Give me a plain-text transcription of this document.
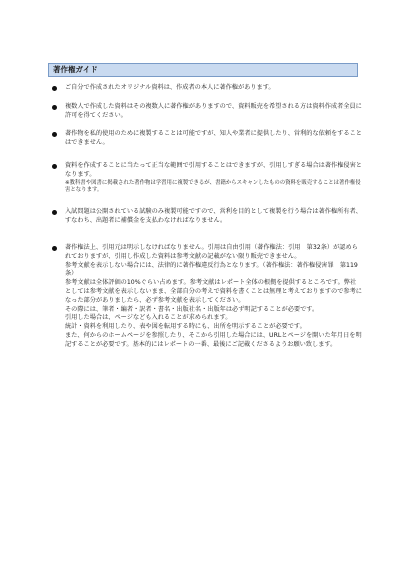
著作権ガイド
ご自分で作成されたオリジナル資料は、作成者の本人に著作権があります。
複数人で作成した資料はその複数人に著作権がありますので、資料販売を希望される方は資料作成者全員に許可を得てください。
著作物を私的使用のために複製することは可能ですが、知人や業者に提供したり、営利的な依頼をすることはできません。
資料を作成することに当たって正当な範囲で引用することはできますが、引用しすぎる場合は著作権侵害となります。
※教科書や図書に掲載された著作物は学習用に複製できるが、書籍からスキャンしたものの資料を販売することは著作権侵害となります。
入試問題は公開されている試験のみ複製可能ですので、営利を目的として複製を行う場合は著作権所有者、すなわち、出題者に補償金を支払わなければなりません。
著作権法上、引用元は明示しなければなりません。引用は自由引用（著作権法：引用　第32条）が認められておりますが、引用し作成した資料は参考文献の記載がない限り販売できません。
参考文献を表示しない場合には、法律的に著作権違反行為となります。（著作権法：著作権侵害罪　第119条）
参考文献は全体評価の10%ぐらい占めます。参考文献はレポート全体の根拠を提供するところです。弊社としては参考文献を表示しないまま、全部自分の考えで資料を書くことは無理と考えておりますので参考になった部分がありましたら、必ず参考文献を表示してください。
その際には、筆者・編者・訳者・書名・出版社名・出版年は必ず明記することが必要です。
引用した場合は、ページなども入れることが求められます。
統計・資料を利用したり、表や図を転用する時にも、出所を明示することが必要です。
また、何からのホームページを参照したり、そこから引用した場合には、URLとページを開いた年月日を明記することが必要です。基本的にはレポートの一番、最後にご記載くださるようお願い致します。
